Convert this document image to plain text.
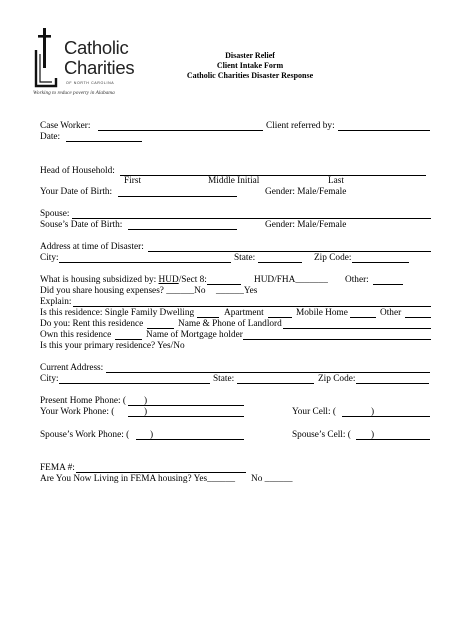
Catholic
Charities
OF NORTH CAROLINA
Working to reduce poverty in Alabama
Disaster Relief
Client Intake Form
Catholic Charities Disaster Response
Case Worker:	Client referred by:
Date:
Head of Household:
First	Middle Initial	Last
Your Date of Birth:	Gender: Male/Female
Spouse:
Souse’s Date of Birth:	Gender: Male/Female
Address at time of Disaster:
City:	State:	Zip Code:
What is housing subsidized by: HUD/Sect 8:	HUD/FHA_______ Other:
Did you share housing expenses? ______No ______Yes
Explain:
Is this residence: Single Family Dwelling	Apartment	Mobile Home	Other
Do you: Rent this residence	Name & Phone of Landlord
Own this residence	Name of Mortgage holder
Is this your primary residence? Yes/No
Current Address:
City:	State:	Zip Code:
Present Home Phone: ( )
Your Work Phone: (	)	Your Cell: (	)
Spouse’s Work Phone: ( )	Spouse’s Cell: ( )
FEMA #:
Are You Now Living in FEMA housing? Yes______ No ______
